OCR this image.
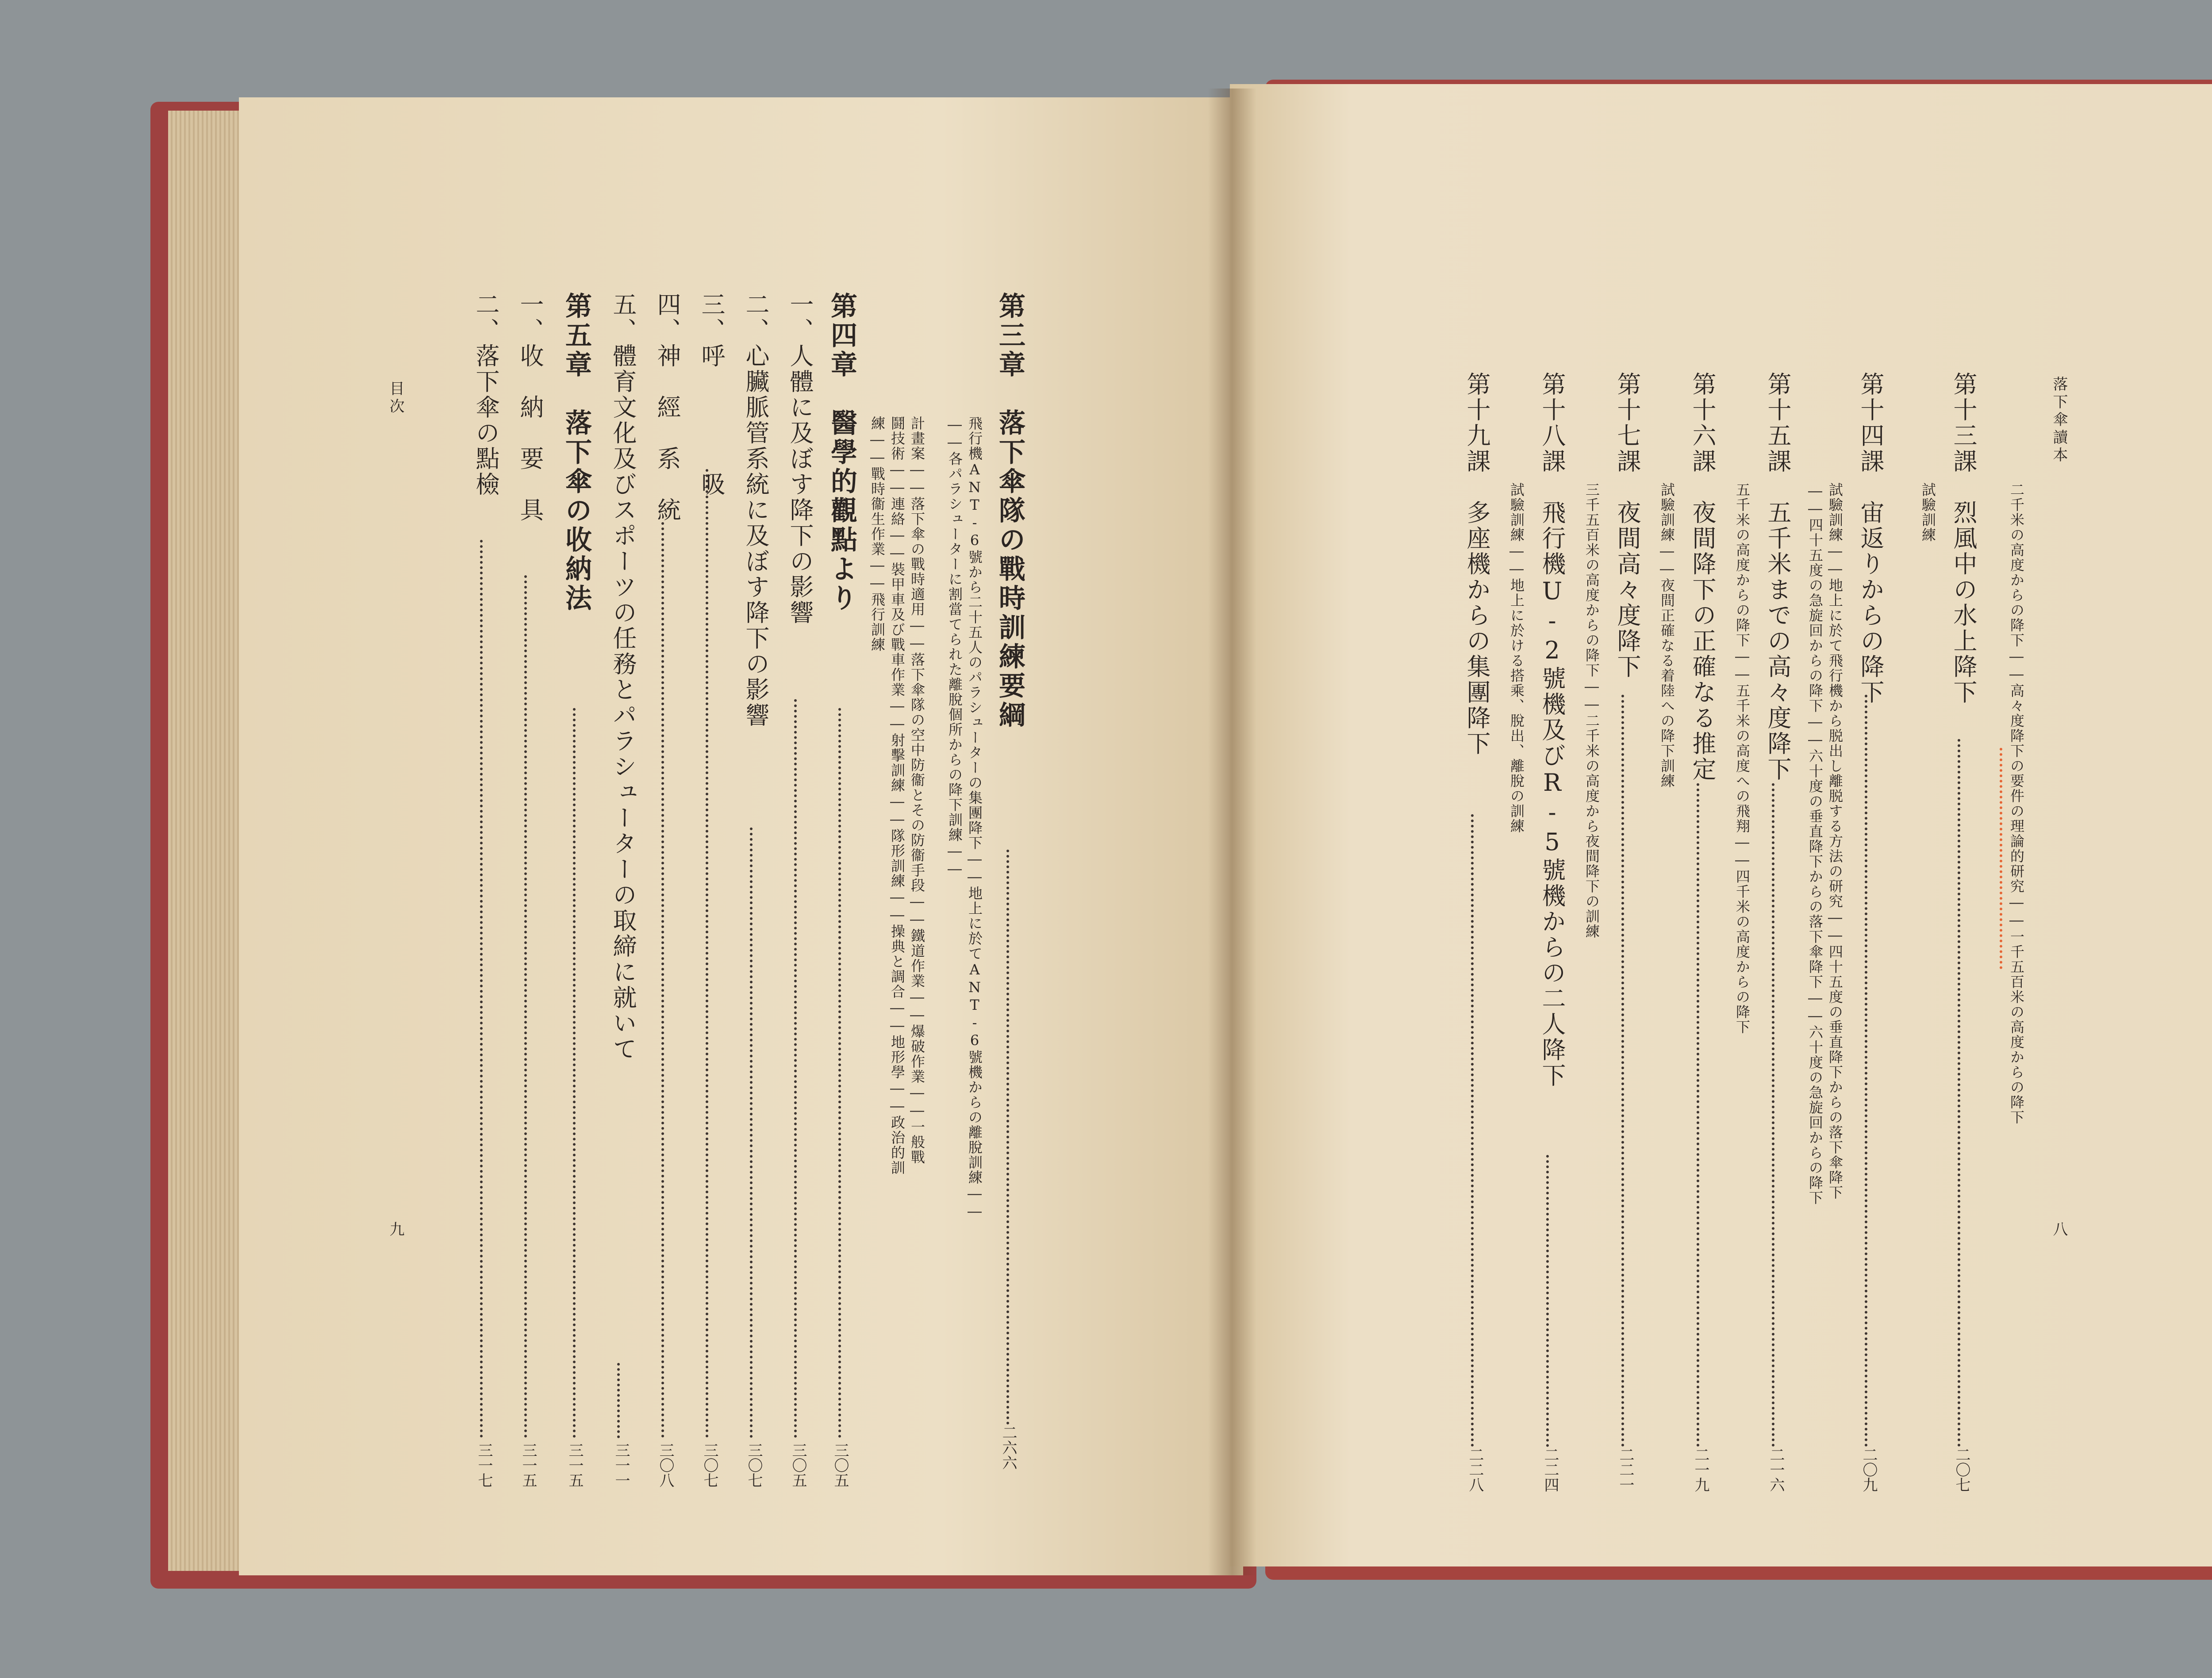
第三章　落下傘隊の戰時訓練要綱
二六六
飛行機ANT-6號から二十五人のパラシューターの集團降下――地上に於てANT-6號機からの離脫訓練――
――各パラシューターに割當てられた離脫個所からの降下訓練――
計畫案――落下傘の戰時適用――落下傘隊の空中防衞とその防衞手段――鐵道作業――爆破作業――一般戰
鬪技術――連絡――裝甲車及び戰車作業――射擊訓練――隊形訓練――操典と調合――地形學――政治的訓
練――戰時衞生作業――飛行訓練
第四章　醫學的觀點より
三〇五
一、人體に及ぼす降下の影響
三〇五
二、心臟脈管系統に及ぼす降下の影響
三〇七
三、呼　　　　吸
三〇七
四、神　經　系　統
三〇八
五、體育文化及びスポーツの任務とパラシューターの取締に就いて
三一一
第五章　落下傘の收納法
三一五
一、收　納　要　具
三一五
二、落下傘の點檢
三一七
目次
九
落下傘讀本
八
第十三課　烈風中の水上降下
二〇七
二千米の高度からの降下――高々度降下の要件の理論的研究――一千五百米の高度からの降下
試驗訓練
第十四課　宙返りからの降下
二〇九
試驗訓練――地上に於て飛行機から脱出し離脱する方法の研究――四十五度の垂直降下からの落下傘降下
――四十五度の急旋回からの降下――六十度の垂直降下からの落下傘降下――六十度の急旋回からの降下
第十五課　五千米までの高々度降下
二一六
五千米の高度からの降下――五千米の高度への飛翔――四千米の高度からの降下
第十六課　夜間降下の正確なる推定
二一九
試驗訓練――夜間正確なる着陸への降下訓練
第十七課　夜間高々度降下
二二一
三千五百米の高度からの降下――二千米の高度から夜間降下の訓練
第十八課　飛行機U-2號機及びR-5號機からの二人降下
二二四
試驗訓練――地上に於ける搭乘、脫出、離脫の訓練
第十九課　多座機からの集團降下
二二八
